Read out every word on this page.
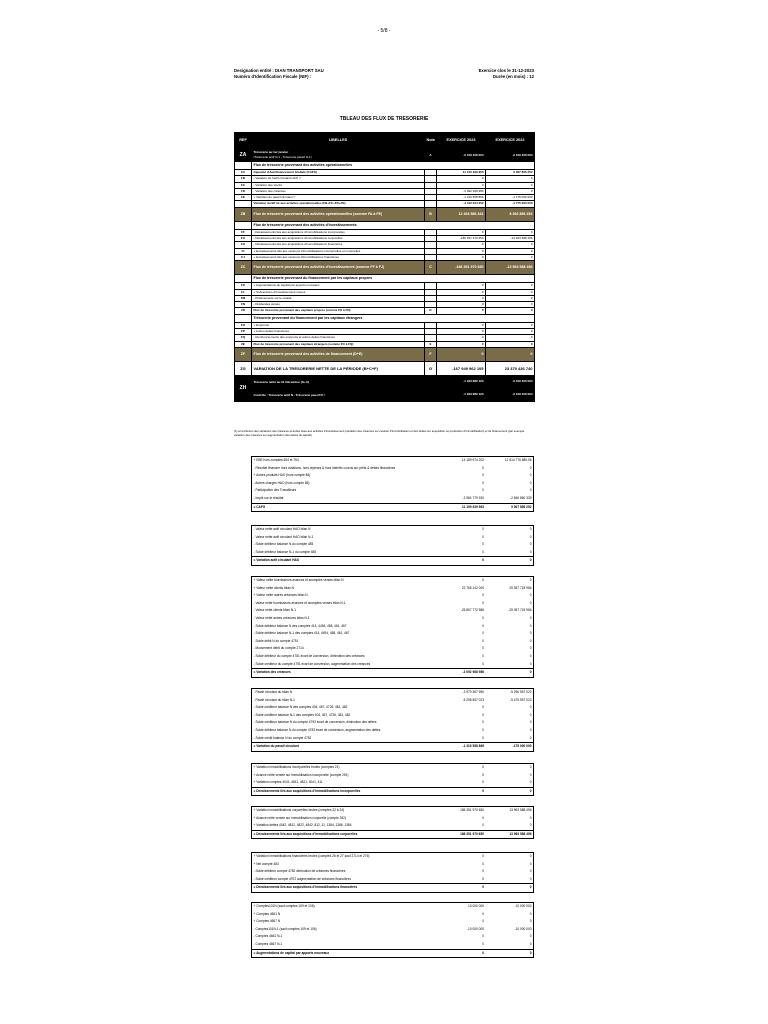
- 5/8 -
Designation entité : DIAN TRANSPORT SAU
Numéro d'Identification Fiscale (NIF) :
Exercice clos le 31-12-2023
Durée (en mois) : 12
TBLEAU DES FLUX DE TRESORERIE
REF	LIBELLES	Note	EXERCICE 2023	EXERCICE 2022
ZA	Trésorerie au 1er janvier
(Trésorerie actif N-1 - Trésorerie passif N-1)	A	-2 109 406 004	-2 109 406 004
	Flux de trésorerie provenant des activités opérationnelles			
FA	Capacité d'Autofinancement Globale (CAFG)		11 150 439 963	9 067 856 252
FB	- Variation de l'actif circulant HAO ⁽¹⁾		0	0
FC	- Variation des stocks		0	0
FD	- Variation des créances		-3 092 968 986	0
FE	+ Variation du passif circulant ⁽¹⁾		-1 319 558 866	-1 175 000 000
	Variation du BF lié aux activités opérationnelles (FB+FC+FD+FE)		-4 412 524 252	-1 775 000 000
ZB	Flux de trésorerie provenant des activités opérationnelles (somme FA à FE)	B	12 403 986 341	8 392 856 252
	Flux de trésorerie provenant des activités d'investissements			
FF	- Décaissements liés aux acquisitions d'immobilisations incorporelles		0	0
FG	- Décaissements liés aux acquisitions d'immobilisations corporelles		-186 351 970 650	-13 963 588 496
FH	- Décaissements liés aux acquisitions d'immobilisations financières		0	0
FI	+ Encaissements liés aux cessions d'immobilisations incorporelles et corporelles		0	0
FJ	+ Encaissements liés aux cessions d'immobilisations financières		0	0
ZC	Flux de trésorerie provenant des activités d'investissement (somme FF à FJ)	C	-186 351 970 650	-13 963 588 496
	Flux de trésorerie provenant du financement par les capitaux propres			
FK	+ Augmentations de capital par apports nouveaux		0	0
FL	+ Subventions d'investissement reçues		0	0
FM	- Prélèvements sur le capital		0	0
FN	- Dividendes versés		0	0
ZD	Flux de trésorerie provenant des capitaux propres (somme FK à FN)	D	0	0
	Trésorerie provenant du financement par les capitaux étrangers			
FO	+ Emprunts		0	0
FP	+ Autres dettes financières		0	0
FQ	- Remboursements des emprunts et autres dettes financières		0	0
ZE	Flux de trésorerie provenant des capitaux étrangers (somme FO à FQ)	E	0	0
ZF	Flux de trésorerie provenant des activités de financement (D+E)	F	0	0
ZG	VARIATION DE LA TRÉSORERIE NETTE DE LA PÉRIODE (B+C+F)	G	-167 949 962 105	23 370 436 740
ZH	Trésorerie nette au 31 Décembre (G+A)		-1 943 982 120	-2 109 406 004
	Contrôle : Trésorerie actif N - Trésorerie passif N =		-1 943 982 120	-2 109 406 004
(1) à l'exclusion des variations des créances et dettes liées aux activités d'investissement (variation des créances sur cession d'immobilisation et des dettes sur acquisition ou production d'immobilisation) et de financement (par exemple variation des créances sur augmentation des dettes de capital)
+ EBE hors comptes 654 et 754	14 189 974 202	12 614 776 585.06
- Résultat financier hors dotations, hors reprises & hors intérêts courus sur prêts & dettes financières	0	0
+ Autres produits HAO (hors compte 86)	0	0
- Autres charges HAO (hors compte 86)	0	0
- Participation des Travailleurs	0	0
- Impôt sur le résultat	-3 984 779 930	-2 846 860 339
= CAFG	11 150 439 963	9 067 856 252
- Valeur nette actif circulant HAO bilan N	0	0
- Valeur nette actif circulant HAO bilan N-1	0	0
- Solde débiteur balance N du compte 485	0	0
- Solde débiteur balance N-1 du compte 485	0	0
= Variation actif circulant HAO	0	0
+ Valeur nette fournisseurs avances et acomptes versés bilan N	0	0
+ Valeur nette clients bilan N	22 765 142 000	25 357 718 966
+ Valeur nette autres créances bilan N	0	0
- Valeur nette fournisseurs avances et acomptes versés bilan N-1	0	0
- Valeur nette clients bilan N-1	-25 857 772 986	-25 357 718 966
- Valeur nette autres créances bilan N-1	0	0
- Solde débiteur balance N des comptes 414, 4494, 458, 461, 467	0	0
- Solde débiteur balance N-1 des comptes 414, 4494, 458, 461, 467	0	0
- Solde débit N du compte 4751	0	0
- Mouvement débit du compte 2714	0	0
- Solde débiteur du compte 4781 écart de conversion, diminution des créances	0	0
- Solde créditeur du compte 4791 écart de conversion, augmentation des créances	0	0
= Variation des créances	-3 092 968 986	0
- Passif circulant du bilan N	-3 979 367 950	-5 296 557 023
- Passif circulant du bilan N-1	-5 298 557 023	-5 475 557 023
- Solde créditeur balance N des comptes 404, 467, 4726, 481, 482	0	0
- Solde créditeur balance N-1 des comptes 404, 467, 4726, 481, 482	0	0
- Solde créditeur balance N du compte 4793 écart de conversion, diminution des dettes	0	0
- Solde débiteur balance N du compte 4783 écart de conversion, augmentation des dettes	0	0
- Solde crédit balance N du compte 4752	0	0
= Variation du passif circulant	-1 319 558 866	-175 000 000
+ Variation immobilisations incorporelles brutes (comptes 21)	0	0
+ Avance nette versée sur immobilisation incorporelle (compte 251)	0	0
+ Variation comptes 4041, 4811, 4821, 4041, 411	0	0
= Décaissements liés aux acquisitions d'immobilisations incorporelles	0	0
+ Variation immobilisations corporelles brutes (comptes 22 à 24)	186 351 970 650	13 963 588 496
+ Avance nette versée sur immobilisation corporelle (compte 252)	0	0
+ Variation dettes 4042, 4812, 4822, 4842, 812, 11, 1384, 1386, 1384	0	0
= Décaissements liés aux acquisitions d'immobilisations corporelles	186 351 970 650	13 963 588 496
+ Variation immobilisations financières brutes (comptes 26 et 27 sauf 2714 et 276)	0	0
+ Net compte 483	0	0
- Solde débiteur compte 4782 diminution de créances financières	0	0
- Solde créditeur compte 4972 augmentation de créances financières	0	0
= Décaissements liés aux acquisitions d'immobilisations financières	0	0
+ Comptes101N (sauf comptes 109 et 106)	10 000 000	10 000 000
+ Comptes 4661 N	0	0
+ Comptes 4667 N	0	0
- Comptes101N-1 (sauf comptes 109 et 106)	-10 000 000	-10 000 000
- Comptes 4661 N-1	0	0
- Comptes 4667 N-1	0	0
= Augmentations de capital par apports nouveaux	0	0
